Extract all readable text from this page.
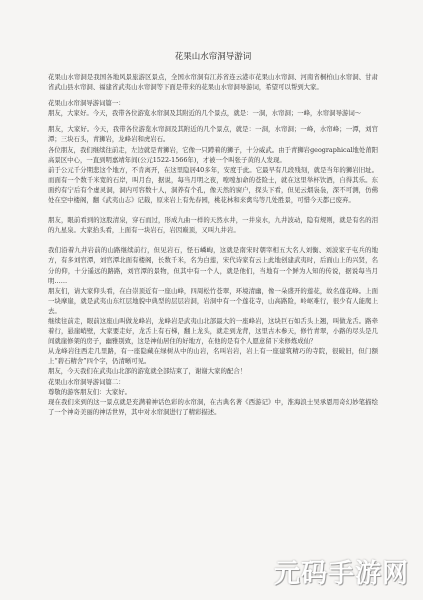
花果山水帘洞导游词

花果山水帘洞是我国各地风景旅游区景点，全国水帘洞有江苏省连云港市花果山水帘洞、河南省桐柏山水帘洞、甘肃省武山县水帘洞、福建省武夷山水帘洞等下面是带来的花果山水帘洞导游词，希望可以帮到大家。

花果山水帘洞导游词篇一：

朋友，大家好。今天，我带各位游览水帘洞及其附近的几个景点，就是：一洞，水帘洞；一峰，水帘洞导游词～

朋友，大家好。今天，我带各位游览水帘洞及其附近的几个景点，就是：一洞，水帘洞；一峰，水帘峰；一潭，刘官潭；三块石头，青狮岩，龙峰岩和虎岩石。

各位朋友，我们继续往前走，左边就是青狮岩，它像一只蹲着的狮子，十分威武。由于青狮岩geographical地处莆阳高景区中心，一直到明嘉靖年间(公元1522-1566年)，才被一个叫张子黄的人发现。

前于公元千分期悲这个地方，不肯离开，在这里隐居40多年，安度于此。它最早有几段残刻，就是当年的狮岩旧址。而面有一个数千米宽的石岸，叫月台，据说，每当月明之夜，嘡嘡加命的苍险士，就在这里举杯饮酒，自得其乐。东面约有宁后有个虚灵洞，洞内可容数十人，洞养有个孔，像天然的窗户，探头下看，但见云烟袅袅，深不可测，仿佛处在空中楼阁，翻《武夷山志》记载，原来岩上有先春园，桃花林和来禽鸟等几处胜景，可惜今天都已废弃。

朋友，眼前看到的这股清泉，穿石而过，形成九曲一样的天然水井，一井泉水，九井波动，隐有规则，就是有名的泪的九星泉。大家抬头看，上面有一块岩石，岩因巅顶，又叫九井岩。

我们沿着九井岩前的山路继续前行，但见岩石，怪石嶙峋，这就是南宋时朝宰相五大名人刘衡、刘波家子屯兵的地方，有多刘官潭，刘官潭北面有楼阁，长数千米，名为白莲，宋代诗家有云上此地创建武夷时，后面山上的兴贤，名分的仰，十分遥远的路路，刘官潭的景物，但其中有一个人，就是他们，当地有一个鲜为人知的传说，据说每当月明……

朋友们，请大家仰头看，在白崇顶近有一座山峰，四周松竹苍翠，环境清幽，像一朵盛开的莲花，故名莲花峰。上面一块摩崖，就是武夷山东红层地貌中典型的层层岩洞，岩洞中有一个莲花寺，山高路险，岭岖难行，很少有人能爬上去。

继续往前走，眼前这座山叫做龙峰岩，龙峰岩是武夷山北部最大的一座峰岩，这块巨石如舌头上翘，叫做龙舌。路牵着行，悬崖峭壁，大家要走好，龙舌上有石梯，翻上龙头，就走到龙背，这里古木参天，修竹青翠，小路的尽头是几间就崖修架的房子，幽雅别致，这是神仙居住的好地方，在他的是有个人愿意留下来修炼成仙？

从龙峰岩往西走几里路，有一座隐藏在绿树从中的山岩，名叫岩岩，岩上有一座建筑精巧的寺院，很破旧，但门额上“碧石精舍”四个字，仍清晰可见。

朋友，今天我们在武夷山北部的游览就全部结束了，谢谢大家的配合！

花果山水帘洞导游词篇二：

尊敬的游客朋友们：大家好。

现在我们来到的这一景点就是充满着神话色彩的水帘洞，在古典名著《西游记》中，淮海浪士吴承恩用奇幻妙笔描绘了一个神奇美丽的神话世界，其中对水帘洞进行了精彩描述。

元码手游网
